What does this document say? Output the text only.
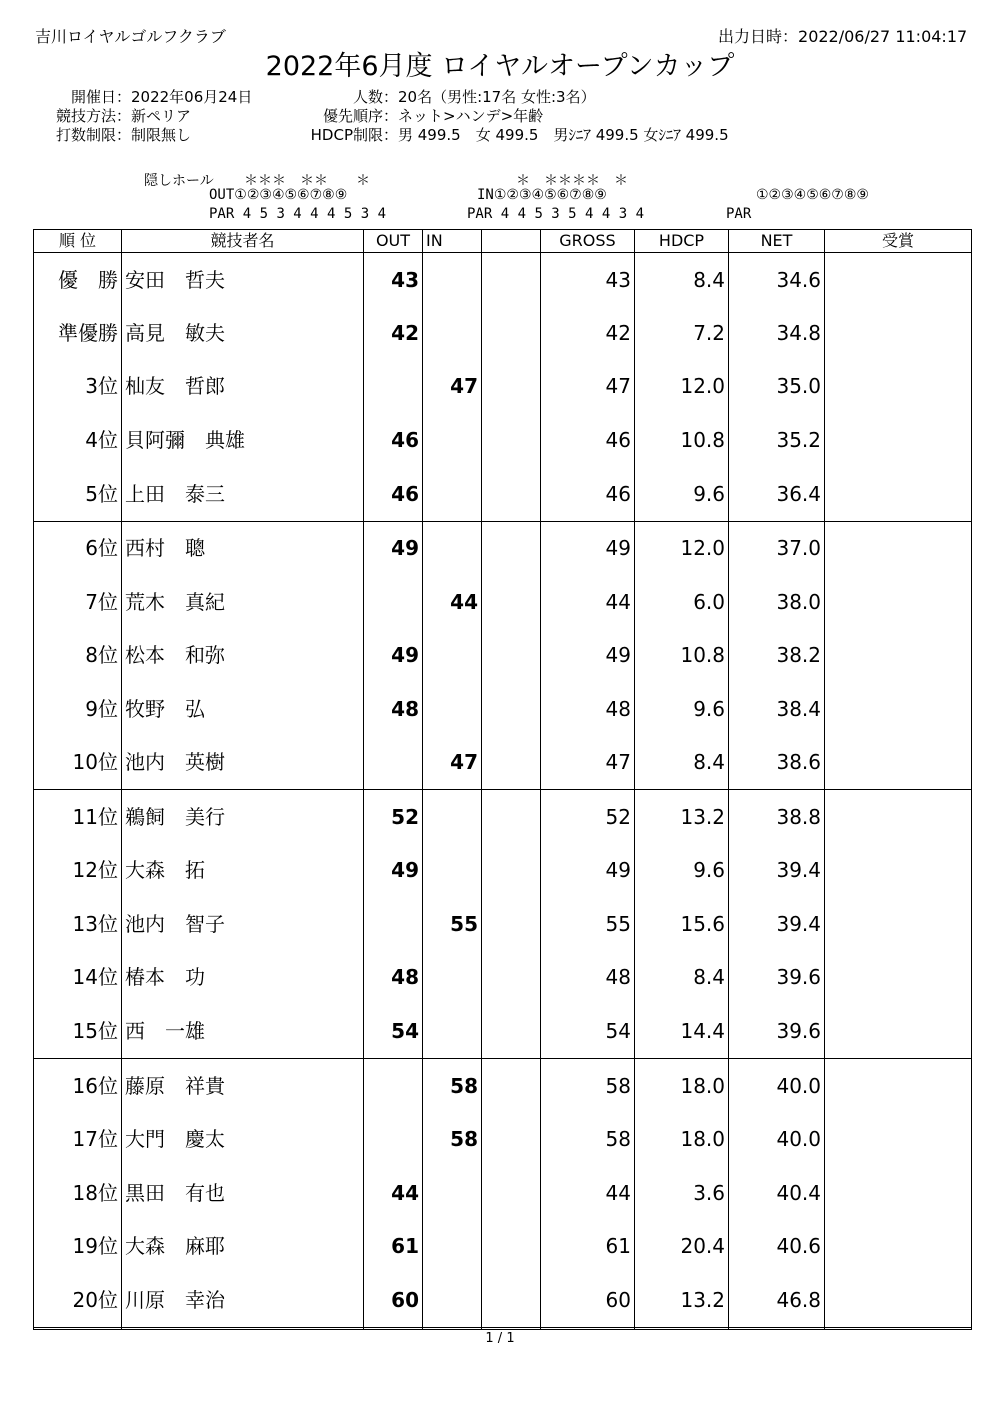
吉川ロイヤルゴルフクラブ	出力日時：2022/06/27 11:04:17
2022年6月度 ロイヤルオープンカップ
開催日：2022年06月24日
競技方法：新ペリア
打数制限：制限無し
人数：20名（男性:17名 女性:3名）
優先順序：ネット>ハンデ>年齢
HDCP制限：男 499.5　女 499.5　男ｼﾆｱ 499.5 女ｼﾆｱ 499.5
隠しホール ＊＊＊　＊＊　　＊	＊　＊＊＊＊　＊
OUT①②③④⑤⑥⑦⑧⑨	IN①②③④⑤⑥⑦⑧⑨	①②③④⑤⑥⑦⑧⑨
PAR 4 5 3 4 4 4 5 3 4	PAR 4 4 5 3 5 4 4 3 4	PAR
順 位	競技者名	OUT	IN		GROSS	HDCP	NET	受賞
優　勝	安田　哲夫	43			43	8.4	34.6	
準優勝	高見　敏夫	42			42	7.2	34.8	
3位	杣友　哲郎		47		47	12.0	35.0	
4位	貝阿彌　典雄	46			46	10.8	35.2	
5位	上田　泰三	46			46	9.6	36.4	
6位	西村　聰	49			49	12.0	37.0	
7位	荒木　真紀		44		44	6.0	38.0	
8位	松本　和弥	49			49	10.8	38.2	
9位	牧野　弘	48			48	9.6	38.4	
10位	池内　英樹		47		47	8.4	38.6	
11位	鵜飼　美行	52			52	13.2	38.8	
12位	大森　拓	49			49	9.6	39.4	
13位	池内　智子		55		55	15.6	39.4	
14位	椿本　功	48			48	8.4	39.6	
15位	西　一雄	54			54	14.4	39.6	
16位	藤原　祥貴		58		58	18.0	40.0	
17位	大門　慶太		58		58	18.0	40.0	
18位	黒田　有也	44			44	3.6	40.4	
19位	大森　麻耶	61			61	20.4	40.6	
20位	川原　幸治	60			60	13.2	46.8	

1 / 1
